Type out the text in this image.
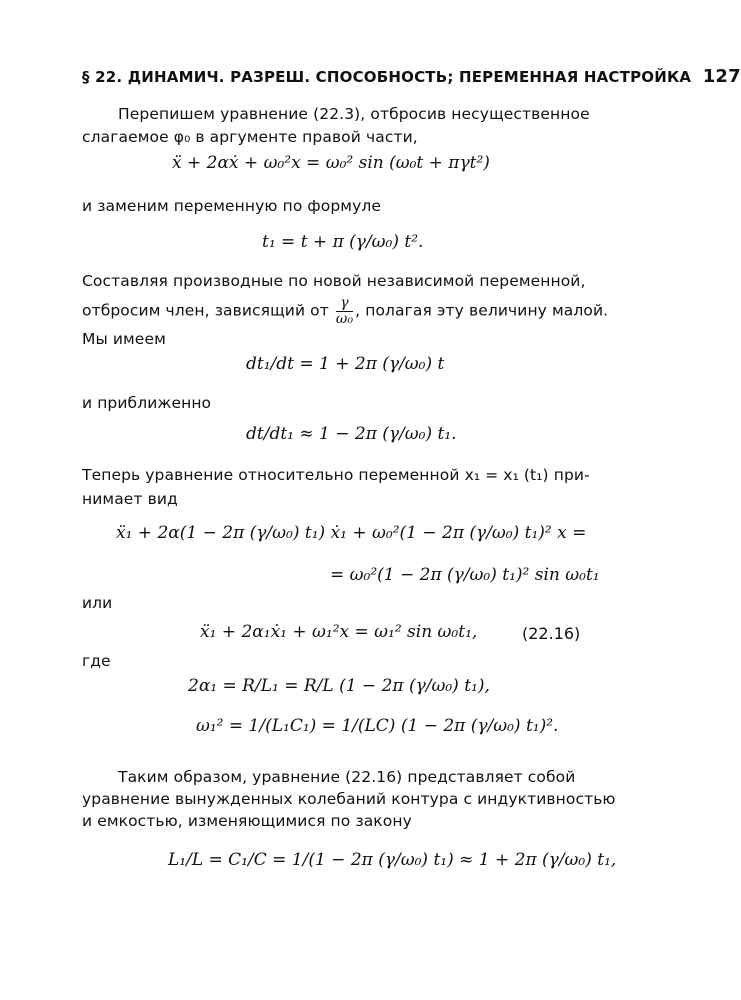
§ 22. ДИНАМИЧ. РАЗРЕШ. СПОСОБНОСТЬ; ПЕРЕМЕННАЯ НАСТРОЙКА 127
Перепишем уравнение (22.3), отбросив несущественное
слагаемое φ₀ в аргументе правой части,
ẍ + 2αẋ + ω₀²x = ω₀² sin (ω₀t + πγt²)
и заменим переменную по формуле
t₁ = t + π (γ/ω₀) t².
Составляя производные по новой независимой переменной,
отбросим член, зависящий от $\frac{\gamma}{\text{ω₀}}$ , полагая эту величину малой.
Мы имеем
dt₁/dt = 1 + 2π (γ/ω₀) t
и приближенно
dt/dt₁ ≈ 1 − 2π (γ/ω₀) t₁.
Теперь уравнение относительно переменной x₁ = x₁ (t₁) при-
нимает вид
ẍ₁ + 2α(1 − 2π (γ/ω₀) t₁) ẋ₁ + ω₀²(1 − 2π (γ/ω₀) t₁)² x =
= ω₀²(1 − 2π (γ/ω₀) t₁)² sin ω₀t₁
или
ẍ₁ + 2α₁ẋ₁ + ω₁²x = ω₁² sin ω₀t₁,	(22.16)
где
2α₁ = R/L₁ = R/L (1 − 2π (γ/ω₀) t₁),
ω₁² = 1/(L₁C₁) = 1/(LC) (1 − 2π (γ/ω₀) t₁)².
Таким образом, уравнение (22.16) представляет собой
уравнение вынужденных колебаний контура с индуктивностью
и емкостью, изменяющимися по закону
L₁/L = C₁/C = 1/(1 − 2π (γ/ω₀) t₁) ≈ 1 + 2π (γ/ω₀) t₁,
